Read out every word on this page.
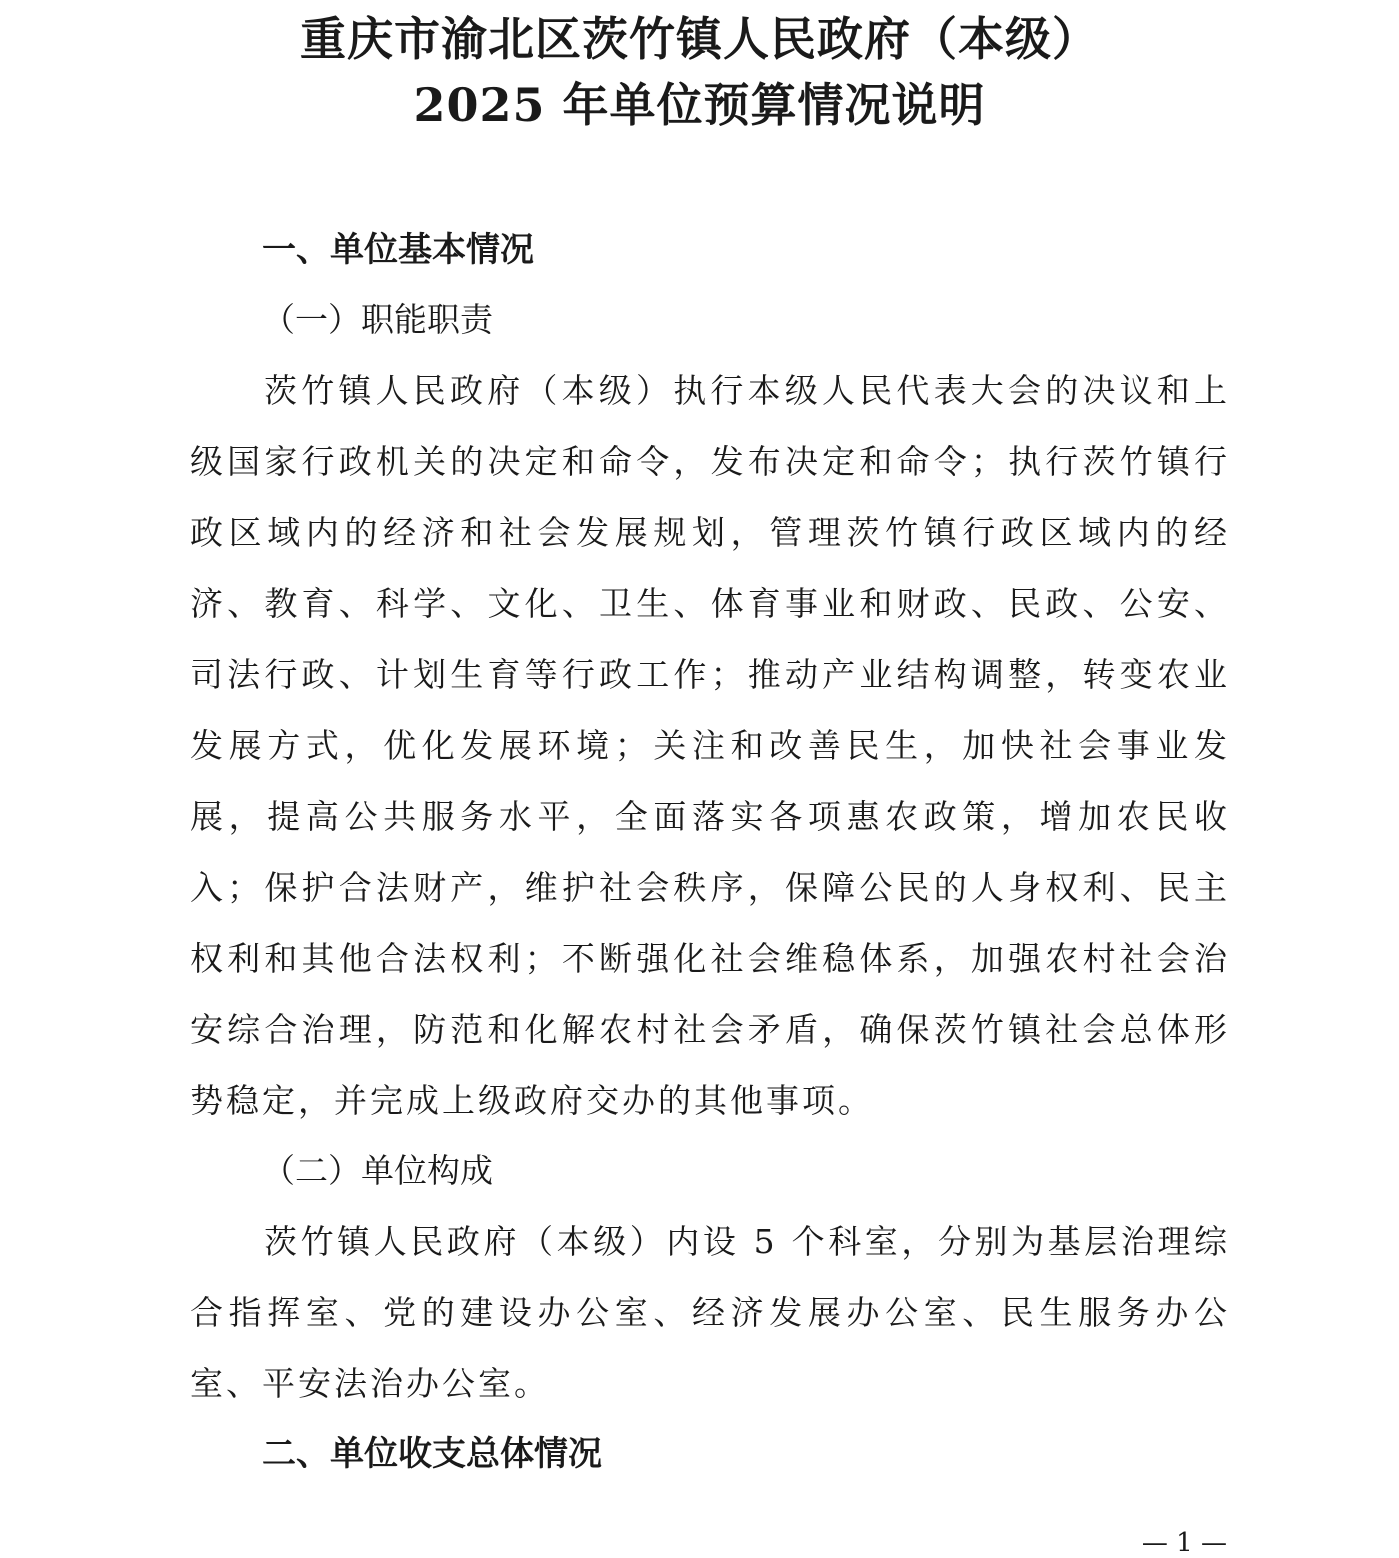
重庆市渝北区茨竹镇人民政府（本级）
2025 年单位预算情况说明
一、单位基本情况
（一）职能职责

茨竹镇人民政府（本级）执行本级人民代表大会的决议和上级国家行政机关的决定和命令，发布决定和命令；执行茨竹镇行政区域内的经济和社会发展规划，管理茨竹镇行政区域内的经济、教育、科学、文化、卫生、体育事业和财政、民政、公安、司法行政、计划生育等行政工作；推动产业结构调整，转变农业发展方式，优化发展环境；关注和改善民生，加快社会事业发展，提高公共服务水平，全面落实各项惠农政策，增加农民收入；保护合法财产，维护社会秩序，保障公民的人身权利、民主权利和其他合法权利；不断强化社会维稳体系，加强农村社会治安综合治理，防范和化解农村社会矛盾，确保茨竹镇社会总体形势稳定，并完成上级政府交办的其他事项。

（二）单位构成

茨竹镇人民政府（本级）内设 5 个科室，分别为基层治理综合指挥室、党的建设办公室、经济发展办公室、民生服务办公室、平安法治办公室。

二、单位收支总体情况
— 1 —
